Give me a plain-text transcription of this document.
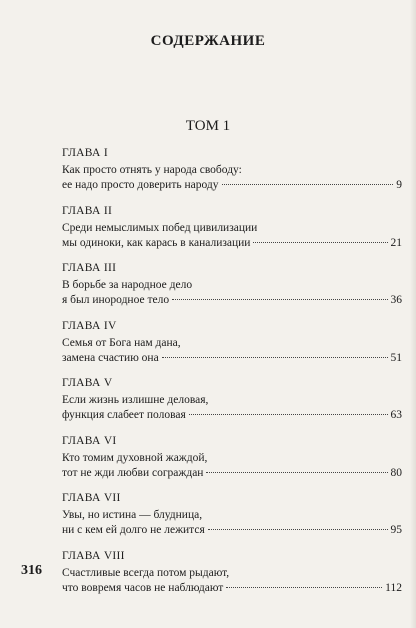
СОДЕРЖАНИЕ
ТОМ 1
ГЛАВА I
Как просто отнять у народа свободу:
ее надо просто доверить народу	9
ГЛАВА II
Среди немыслимых побед цивилизации
мы одиноки, как карась в канализации	21
ГЛАВА III
В борьбе за народное дело
я был инородное тело	36
ГЛАВА IV
Семья от Бога нам дана,
замена счастию она	51
ГЛАВА V
Если жизнь излишне деловая,
функция слабеет половая	63
ГЛАВА VI
Кто томим духовной жаждой,
тот не жди любви сограждан	80
ГЛАВА VII
Увы, но истина — блудница,
ни с кем ей долго не лежится	95
ГЛАВА VIII
Счастливые всегда потом рыдают,
что вовремя часов не наблюдают	112
316
